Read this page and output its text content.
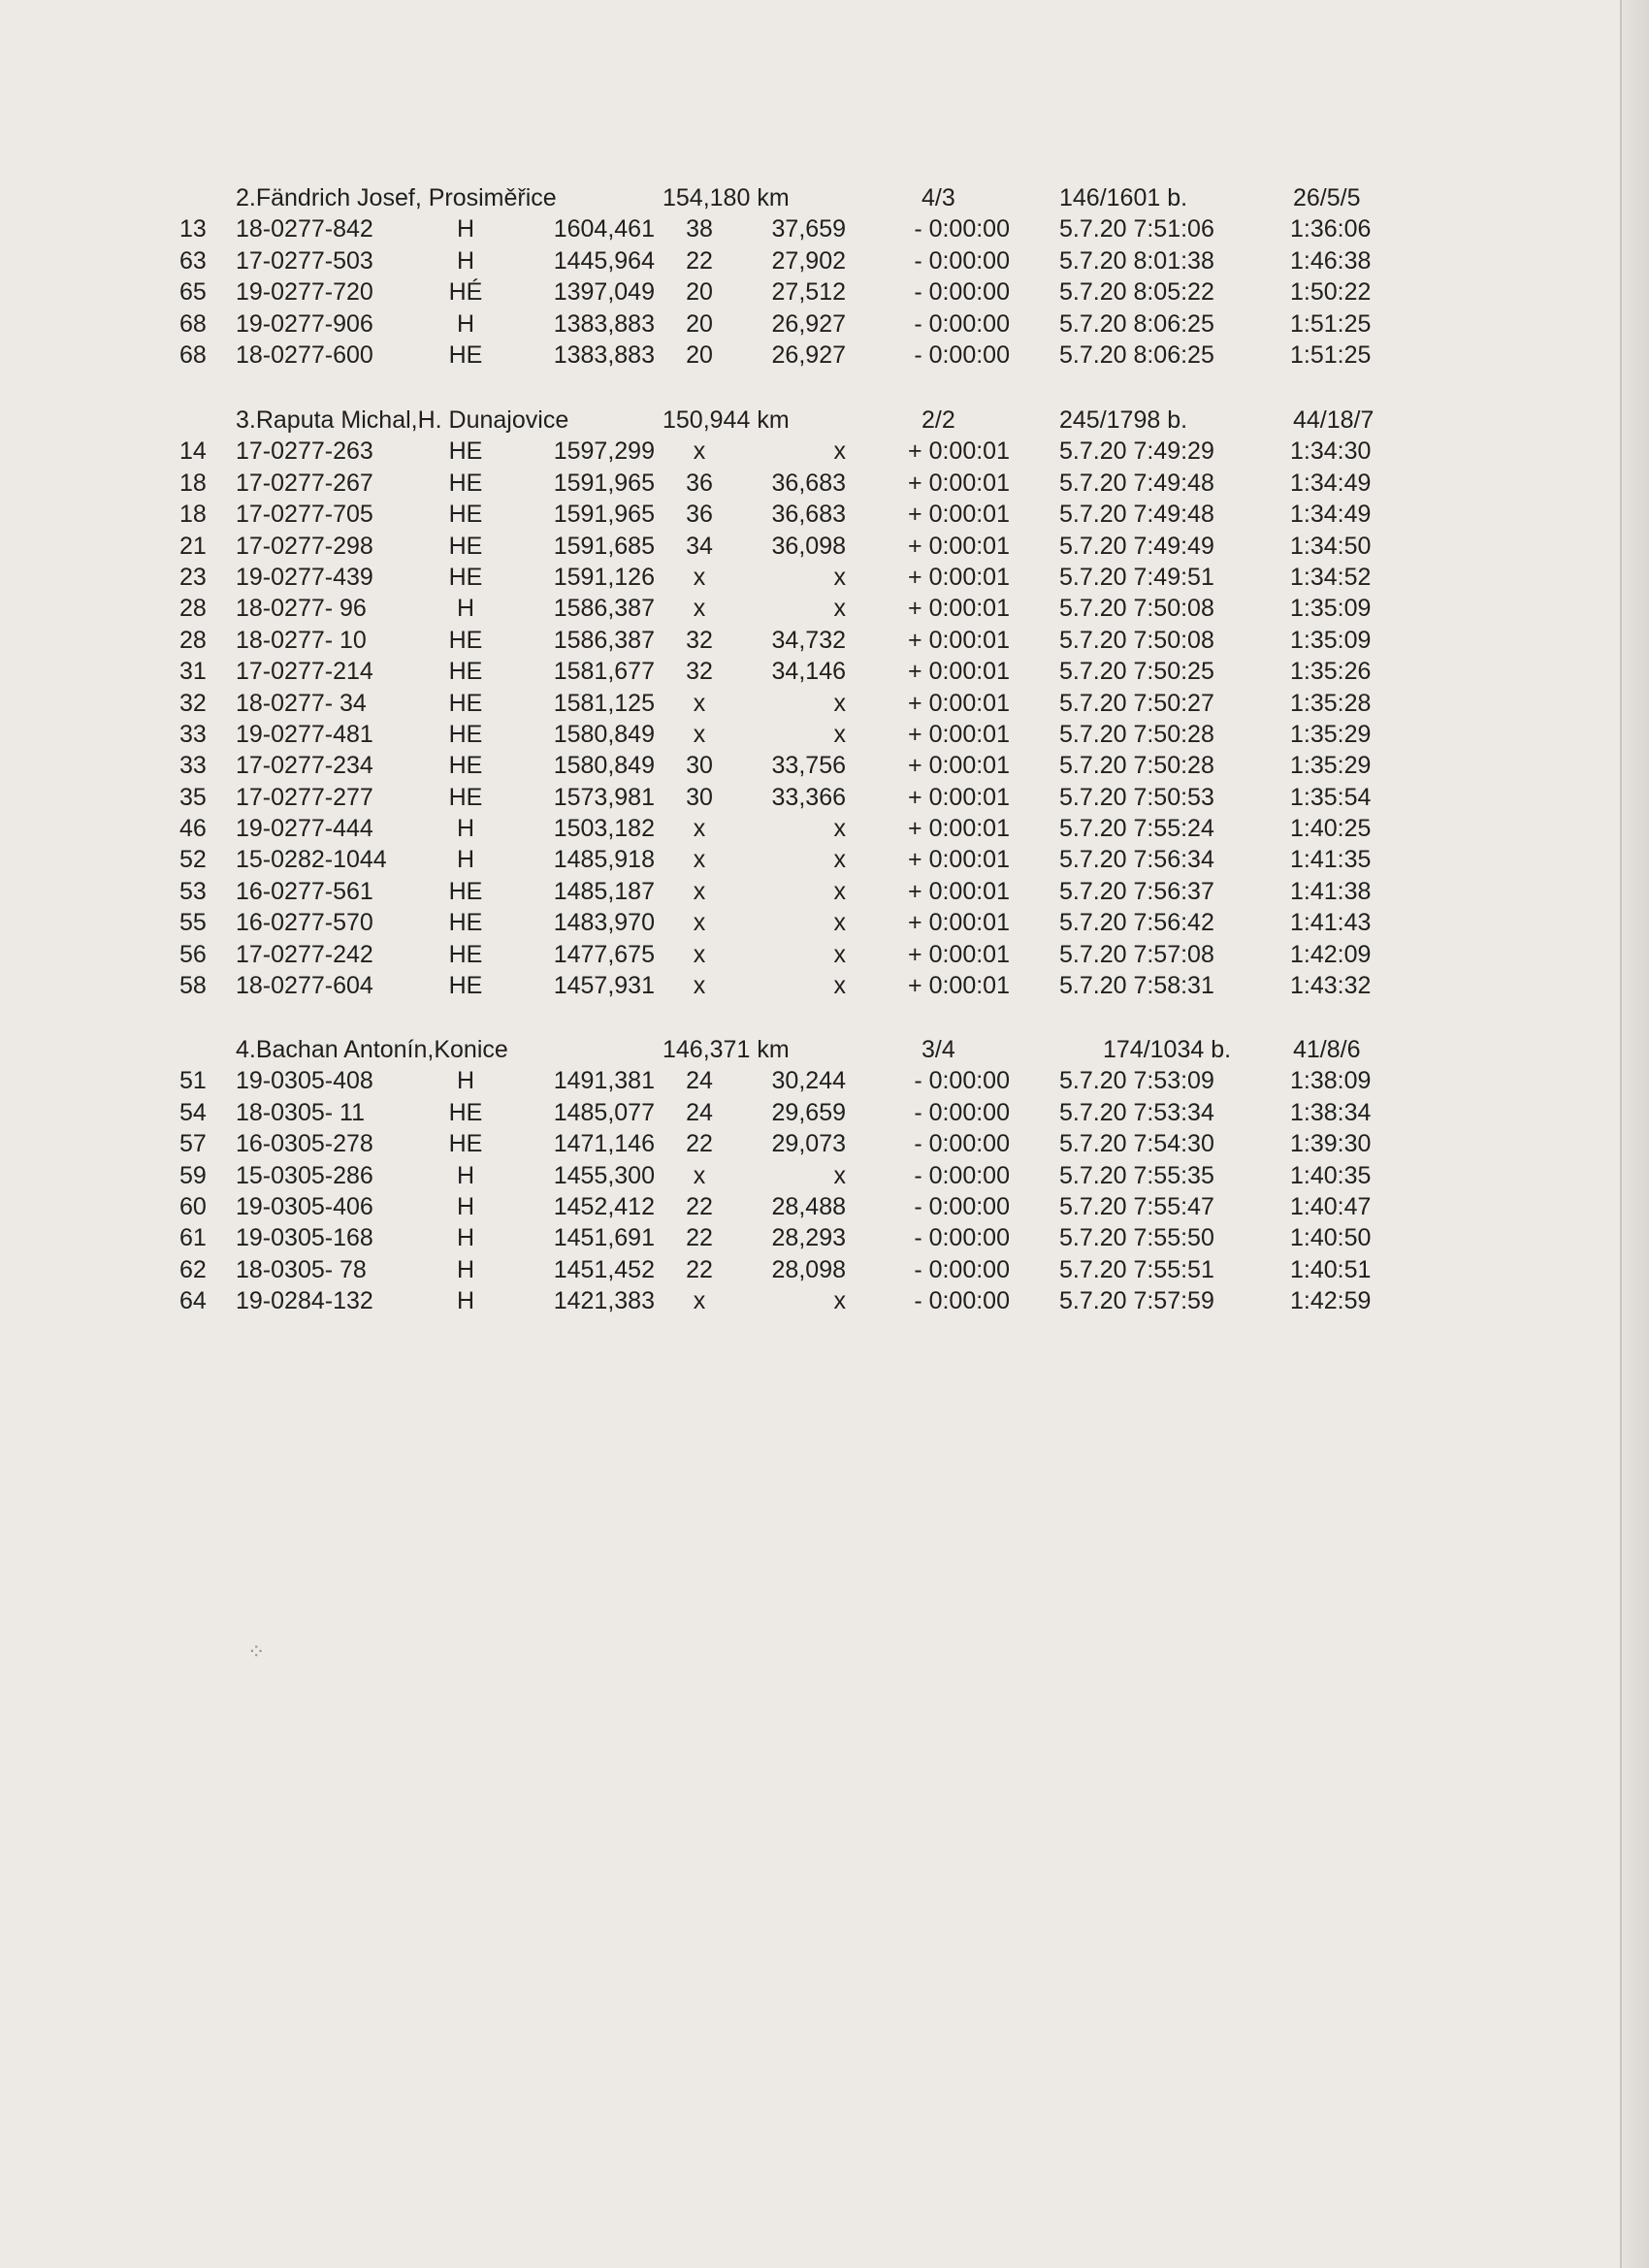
2.Fändrich Josef, Prosiměřice	154,180 km	4/3	146/1601 b.	26/5/5
13 18-0277-842	H	1604,461	38	37,659	- 0:00:00 5.7.20 7:51:06	1:36:06
63 17-0277-503	H	1445,964	22	27,902	- 0:00:00 5.7.20 8:01:38	1:46:38
65 19-0277-720	HÉ	1397,049	20	27,512	- 0:00:00 5.7.20 8:05:22	1:50:22
68 19-0277-906	H	1383,883	20	26,927	- 0:00:00 5.7.20 8:06:25	1:51:25
68 18-0277-600	HE	1383,883	20	26,927	- 0:00:00 5.7.20 8:06:25	1:51:25
3.Raputa Michal,H. Dunajovice	150,944 km	2/2	245/1798 b.	44/18/7
14 17-0277-263	HE	1597,299	x	x	+ 0:00:01 5.7.20 7:49:29	1:34:30
18 17-0277-267	HE	1591,965	36	36,683	+ 0:00:01 5.7.20 7:49:48	1:34:49
18 17-0277-705	HE	1591,965	36	36,683	+ 0:00:01 5.7.20 7:49:48	1:34:49
21 17-0277-298	HE	1591,685	34	36,098	+ 0:00:01 5.7.20 7:49:49	1:34:50
23 19-0277-439	HE	1591,126	x	x	+ 0:00:01 5.7.20 7:49:51	1:34:52
28 18-0277- 96	H	1586,387	x	x	+ 0:00:01 5.7.20 7:50:08	1:35:09
28 18-0277- 10	HE	1586,387	32	34,732	+ 0:00:01 5.7.20 7:50:08	1:35:09
31 17-0277-214	HE	1581,677	32	34,146	+ 0:00:01 5.7.20 7:50:25	1:35:26
32 18-0277- 34	HE	1581,125	x	x	+ 0:00:01 5.7.20 7:50:27	1:35:28
33 19-0277-481	HE	1580,849	x	x	+ 0:00:01 5.7.20 7:50:28	1:35:29
33 17-0277-234	HE	1580,849	30	33,756	+ 0:00:01 5.7.20 7:50:28	1:35:29
35 17-0277-277	HE	1573,981	30	33,366	+ 0:00:01 5.7.20 7:50:53	1:35:54
46 19-0277-444	H	1503,182	x	x	+ 0:00:01 5.7.20 7:55:24	1:40:25
52 15-0282-1044	H	1485,918	x	x	+ 0:00:01 5.7.20 7:56:34	1:41:35
53 16-0277-561	HE	1485,187	x	x	+ 0:00:01 5.7.20 7:56:37	1:41:38
55 16-0277-570	HE	1483,970	x	x	+ 0:00:01 5.7.20 7:56:42	1:41:43
56 17-0277-242	HE	1477,675	x	x	+ 0:00:01 5.7.20 7:57:08	1:42:09
58 18-0277-604	HE	1457,931	x	x	+ 0:00:01 5.7.20 7:58:31	1:43:32
4.Bachan Antonín,Konice	146,371 km	3/4	174/1034 b.	41/8/6
51 19-0305-408	H	1491,381	24	30,244	- 0:00:00 5.7.20 7:53:09	1:38:09
54 18-0305- 11	HE	1485,077	24	29,659	- 0:00:00 5.7.20 7:53:34	1:38:34
57 16-0305-278	HE	1471,146	22	29,073	- 0:00:00 5.7.20 7:54:30	1:39:30
59 15-0305-286	H	1455,300	x	x	- 0:00:00 5.7.20 7:55:35	1:40:35
60 19-0305-406	H	1452,412	22	28,488	- 0:00:00 5.7.20 7:55:47	1:40:47
61 19-0305-168	H	1451,691	22	28,293	- 0:00:00 5.7.20 7:55:50	1:40:50
62 18-0305- 78	H	1451,452	22	28,098	- 0:00:00 5.7.20 7:55:51	1:40:51
64 19-0284-132	H	1421,383	x	x	- 0:00:00 5.7.20 7:57:59	1:42:59
⁘
